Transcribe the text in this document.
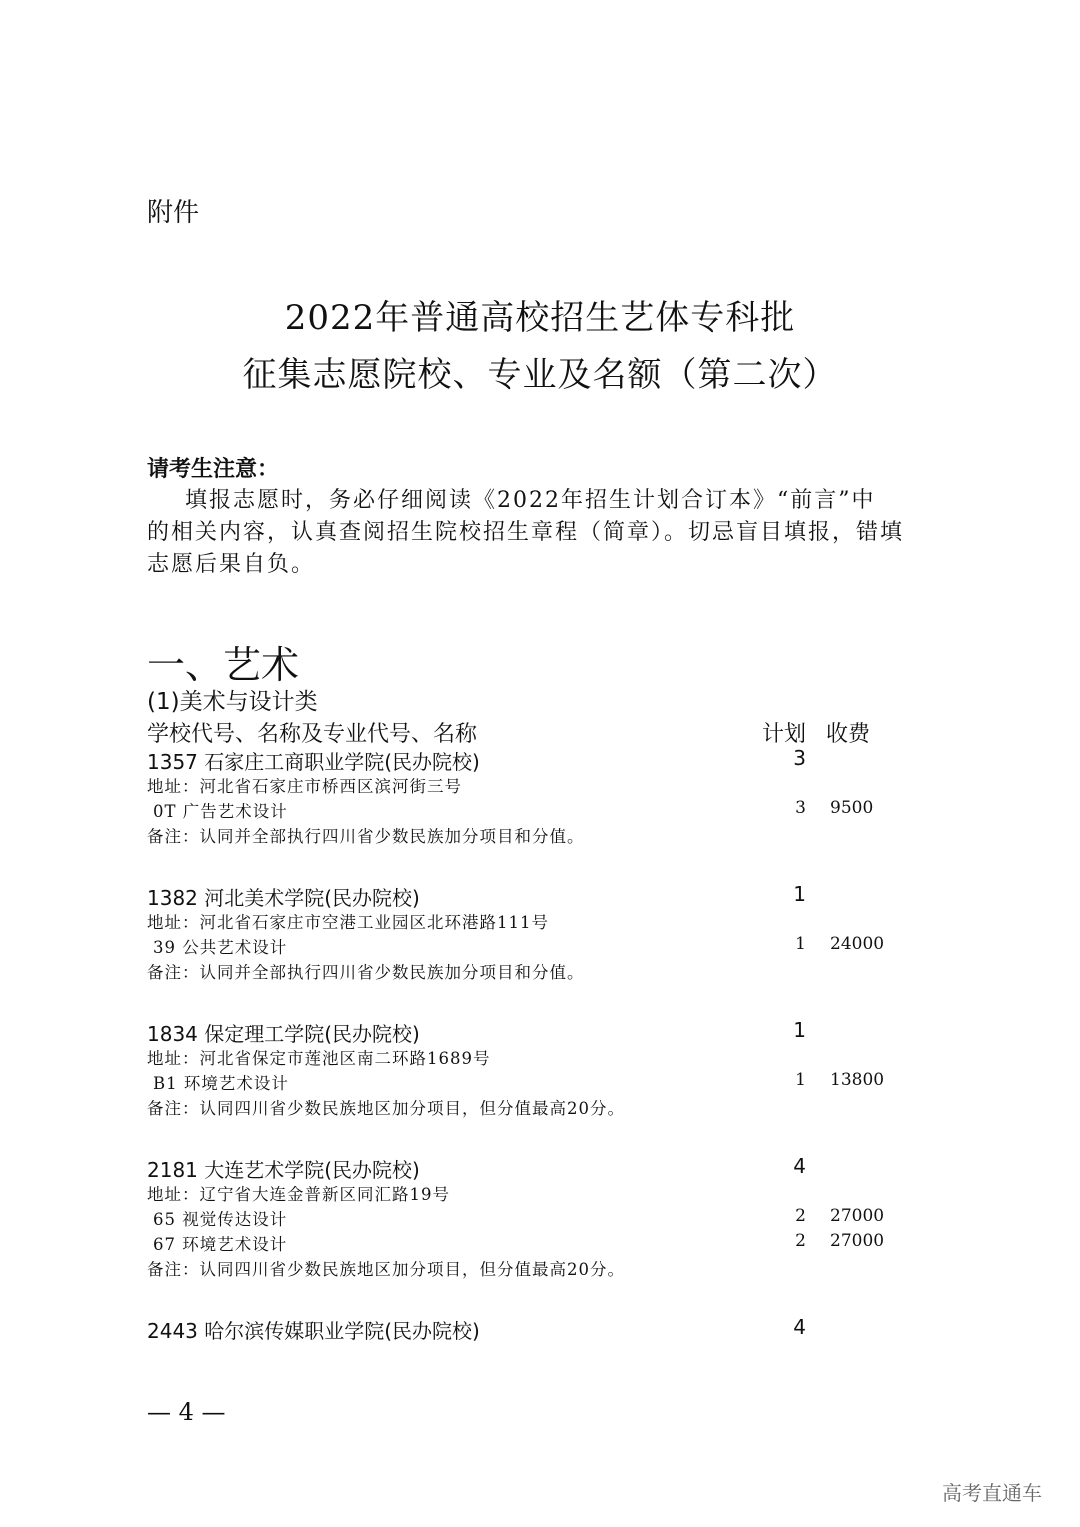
附件
2022年普通高校招生艺体专科批
征集志愿院校、专业及名额（第二次）
请考生注意：
填报志愿时，务必仔细阅读《2022年招生计划合订本》“前言”中
的相关内容，认真查阅招生院校招生章程（简章）。切忌盲目填报，错填
志愿后果自负。
一、艺术
(1)美术与设计类
学校代号、名称及专业代号、名称	计划 收费
1357 石家庄工商职业学院(民办院校)	3
地址：河北省石家庄市桥西区滨河街三号
0T 广告艺术设计	3 9500
备注：认同并全部执行四川省少数民族加分项目和分值。
1382 河北美术学院(民办院校)	1
地址：河北省石家庄市空港工业园区北环港路111号
39 公共艺术设计	1 24000
备注：认同并全部执行四川省少数民族加分项目和分值。
1834 保定理工学院(民办院校)	1
地址：河北省保定市莲池区南二环路1689号
B1 环境艺术设计	1 13800
备注：认同四川省少数民族地区加分项目，但分值最高20分。
2181 大连艺术学院(民办院校)	4
地址：辽宁省大连金普新区同汇路19号
65 视觉传达设计	2 27000
67 环境艺术设计	2 27000
备注：认同四川省少数民族地区加分项目，但分值最高20分。
2443 哈尔滨传媒职业学院(民办院校)	4
— 4 —
高考直通车
